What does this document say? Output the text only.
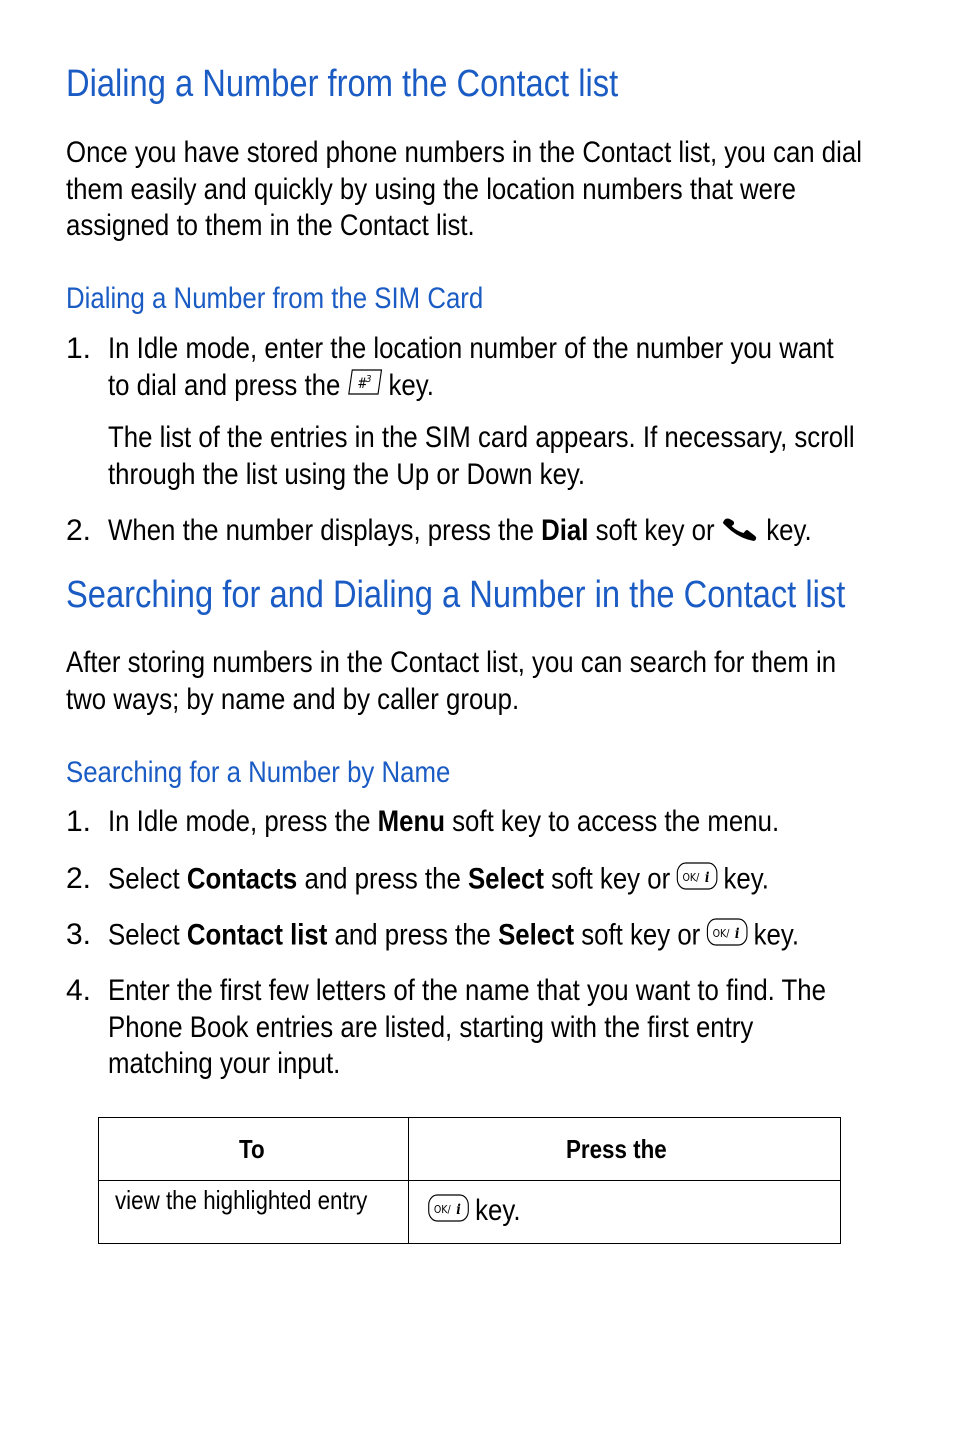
Dialing a Number from the Contact list
Once you have stored phone numbers in the Contact list, you can dial
them easily and quickly by using the location numbers that were
assigned to them in the Contact list.
Dialing a Number from the SIM Card
1. In Idle mode, enter the location number of the number you want
to dial and press the #
3 key.
The list of the entries in the SIM card appears. If necessary, scroll
through the list using the Up or Down key.
2. When the number displays, press the Dial soft key or key.
Searching for and Dialing a Number in the Contact list
After storing numbers in the Contact list, you can search for them in
two ways; by name and by caller group.
Searching for a Number by Name
1. In Idle mode, press the Menu soft key to access the menu.
2. Select Contacts and press the Select soft key or OK/ i key.
3. Select Contact list and press the Select soft key or OK/ i key.
4. Enter the first few letters of the name that you want to find. The
Phone Book entries are listed, starting with the first entry
matching your input.
To	Press the

view the highlighted entry	OK/ i key.
